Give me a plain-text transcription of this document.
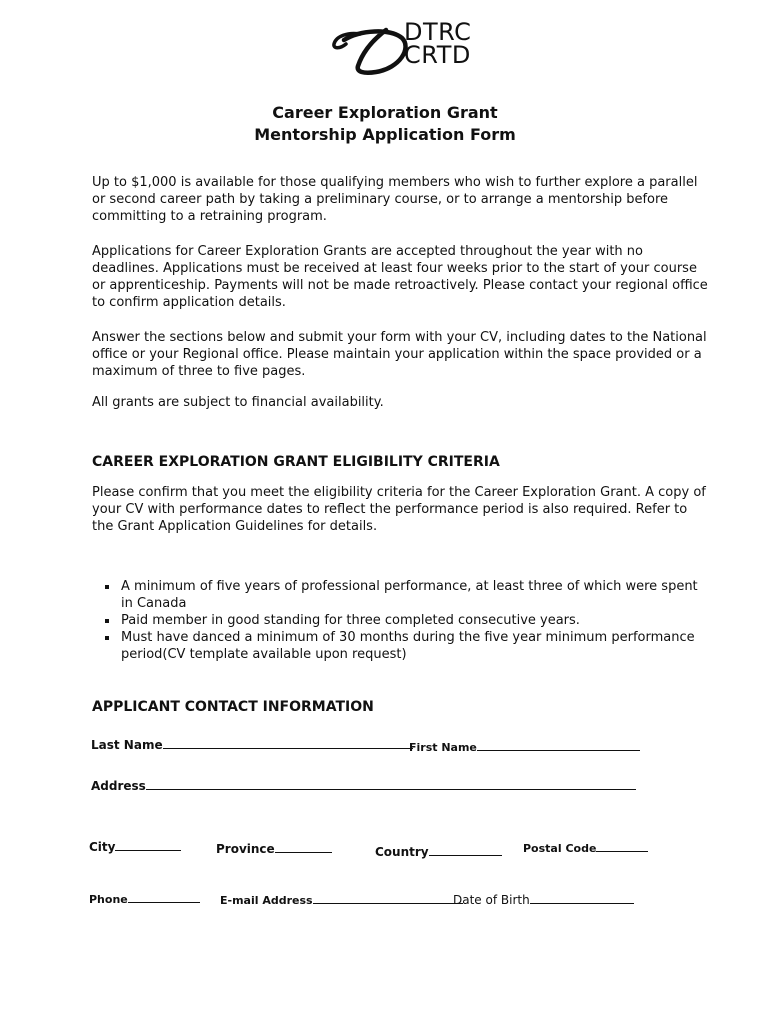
DTRC
CRTD
Career Exploration Grant
Mentorship Application Form

Up to $1,000 is available for those qualifying members who wish to further explore a parallel or second career path by taking a preliminary course, or to arrange a mentorship before committing to a retraining program.

Applications for Career Exploration Grants are accepted throughout the year with no deadlines. Applications must be received at least four weeks prior to the start of your course or apprenticeship. Payments will not be made retroactively. Please contact your regional office to confirm application details.

Answer the sections below and submit your form with your CV, including dates to the National office or your Regional office. Please maintain your application within the space provided or a maximum of three to five pages.

All grants are subject to financial availability.

CAREER EXPLORATION GRANT ELIGIBILITY CRITERIA

Please confirm that you meet the eligibility criteria for the Career Exploration Grant. A copy of your CV with performance dates to reflect the performance period is also required. Refer to the Grant Application Guidelines for details.

A minimum of five years of professional performance, at least three of which were spent in Canada
Paid member in good standing for three completed consecutive years.
Must have danced a minimum of 30 months during the five year minimum performance period(CV template available upon request)
APPLICANT CONTACT INFORMATION
Last Name	First Name
Address
City	Province	Country	Postal Code
Phone	E-mail Address	Date of Birth
